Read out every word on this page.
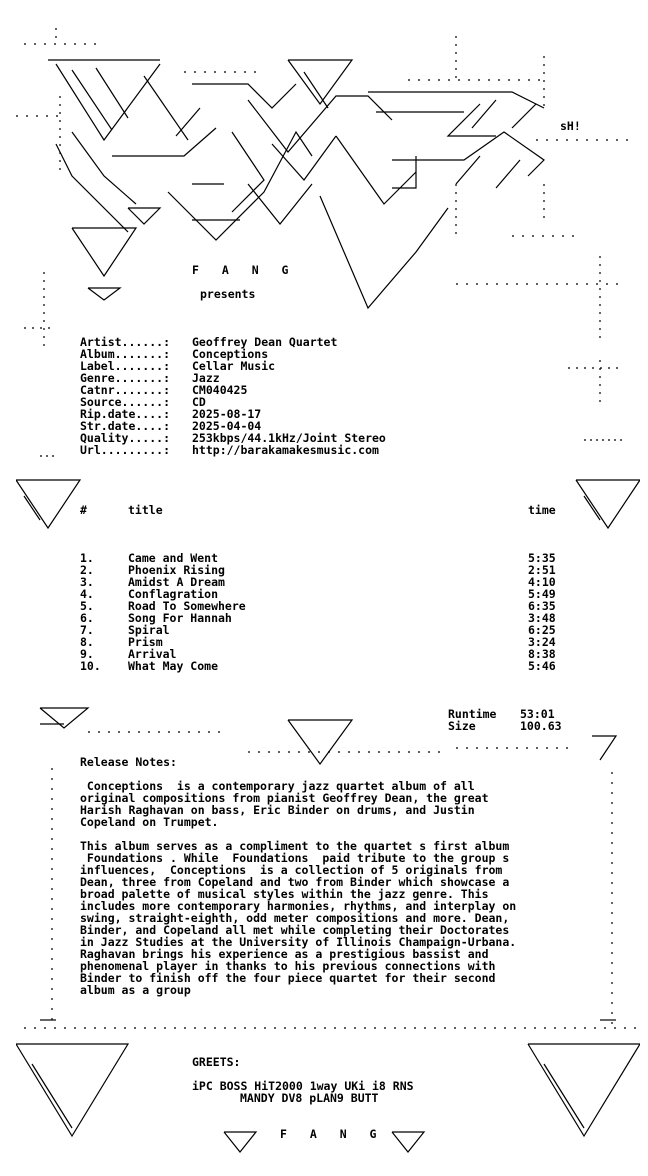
F A N G
presents
sH!
Artist......: Geoffrey Dean Quartet
Album.......: Conceptions
Label.......: Cellar Music
Genre.......: Jazz
Catnr.......: CM040425
Source......: CD
Rip.date....: 2025-08-17
Str.date....: 2025-04-04
Quality.....: 253kbps/44.1kHz/Joint Stereo
Url.........: http://barakamakesmusic.com
#	title	time
1.	Came and Went	5:35
2.	Phoenix Rising	2:51
3.	Amidst A Dream	4:10
4.	Conflagration	5:49
5.	Road To Somewhere	6:35
6.	Song For Hannah	3:48
7.	Spiral	6:25
8.	Prism	3:24
9.	Arrival	8:38
10. What May Come	5:46
Runtime 53:01
Size	100.63
Release Notes:
Conceptions  is a contemporary jazz quartet album of all
original compositions from pianist Geoffrey Dean, the great
Harish Raghavan on bass, Eric Binder on drums, and Justin
Copeland on Trumpet.
This album serves as a compliment to the quartet s first album
Foundations . While  Foundations  paid tribute to the group s
influences,  Conceptions  is a collection of 5 originals from
Dean, three from Copeland and two from Binder which showcase a
broad palette of musical styles within the jazz genre. This
includes more contemporary harmonies, rhythms, and interplay on
swing, straight-eighth, odd meter compositions and more. Dean,
Binder, and Copeland all met while completing their Doctorates
in Jazz Studies at the University of Illinois Champaign-Urbana.
Raghavan brings his experience as a prestigious bassist and
phenomenal player in thanks to his previous connections with
Binder to finish off the four piece quartet for their second
album as a group
GREETS:
iPC BOSS HiT2000 1way UKi i8 RNS
MANDY DV8 pLAN9 BUTT
F A N G
